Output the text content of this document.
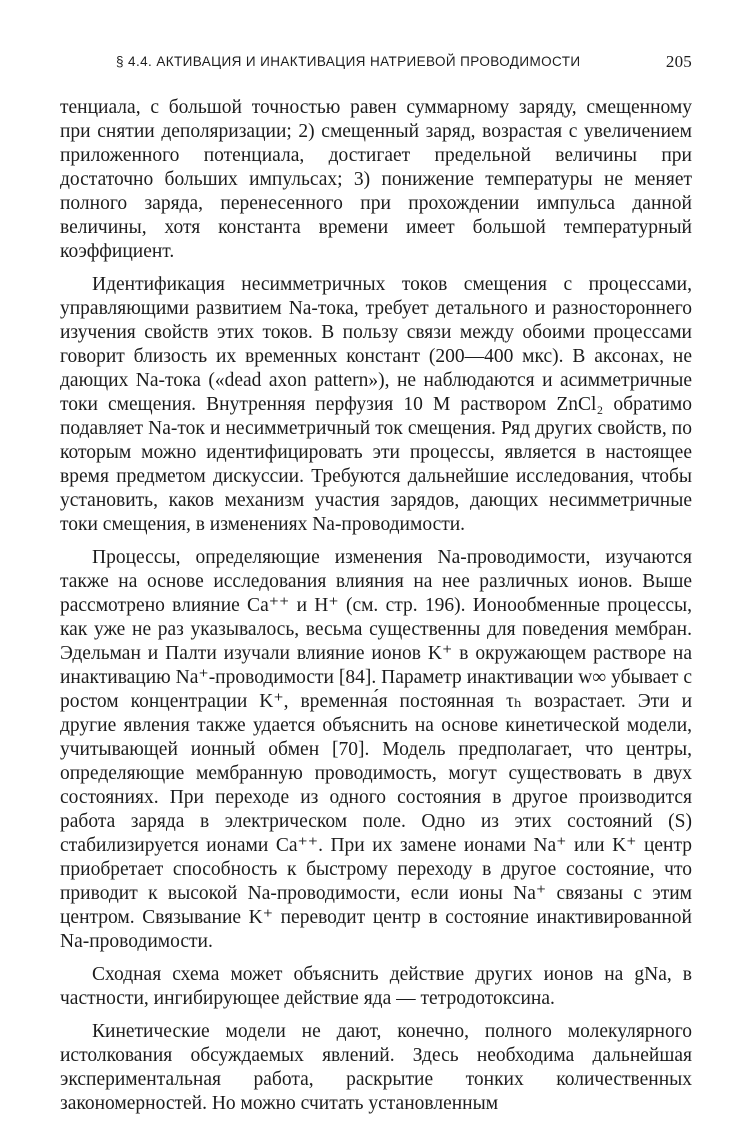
§ 4.4. АКТИВАЦИЯ И ИНАКТИВАЦИЯ НАТРИЕВОЙ ПРОВОДИМОСТИ	205

тенциала, с большой точностью равен суммарному заряду, смещенному при снятии деполяризации; 2) смещенный заряд, возрастая с увеличением приложенного потенциала, достигает предельной величины при достаточно больших импульсах; 3) понижение температуры не меняет полного заряда, перенесенного при прохождении импульса данной величины, хотя константа времени имеет большой температурный коэффициент.

Идентификация несимметричных токов смещения с процессами, управляющими развитием Na-тока, требует детального и разностороннего изучения свойств этих токов. В пользу связи между обоими процессами говорит близость их временных констант (200—400 мкс). В аксонах, не дающих Na-тока («dead axon pattern»), не наблюдаются и асимметричные токи смещения. Внутренняя перфузия 10 М раствором ZnCl₂ обратимо подавляет Na-ток и несимметричный ток смещения. Ряд других свойств, по которым можно идентифицировать эти процессы, является в настоящее время предметом дискуссии. Требуются дальнейшие исследования, чтобы установить, каков механизм участия зарядов, дающих несимметричные токи смещения, в изменениях Na-проводимости.

Процессы, определяющие изменения Na-проводимости, изучаются также на основе исследования влияния на нее различных ионов. Выше рассмотрено влияние Ca⁺⁺ и H⁺ (см. стр. 196). Ионообменные процессы, как уже не раз указывалось, весьма существенны для поведения мембран. Эдельман и Палти изучали влияние ионов K⁺ в окружающем растворе на инактивацию Na⁺-проводимости [84]. Параметр инактивации w∞ убывает с ростом концентрации K⁺, временна́я постоянная τₕ возрастает. Эти и другие явления также удается объяснить на основе кинетической модели, учитывающей ионный обмен [70]. Модель предполагает, что центры, определяющие мембранную проводимость, могут существовать в двух состояниях. При переходе из одного состояния в другое производится работа заряда в электрическом поле. Одно из этих состояний (S) стабилизируется ионами Ca⁺⁺. При их замене ионами Na⁺ или K⁺ центр приобретает способность к быстрому переходу в другое состояние, что приводит к высокой Na-проводимости, если ионы Na⁺ связаны с этим центром. Связывание K⁺ переводит центр в состояние инактивированной Na-проводимости.

Сходная схема может объяснить действие других ионов на gNa, в частности, ингибирующее действие яда — тетродотоксина.

Кинетические модели не дают, конечно, полного молекулярного истолкования обсуждаемых явлений. Здесь необходима дальнейшая экспериментальная работа, раскрытие тонких количественных закономерностей. Но можно считать установленным
